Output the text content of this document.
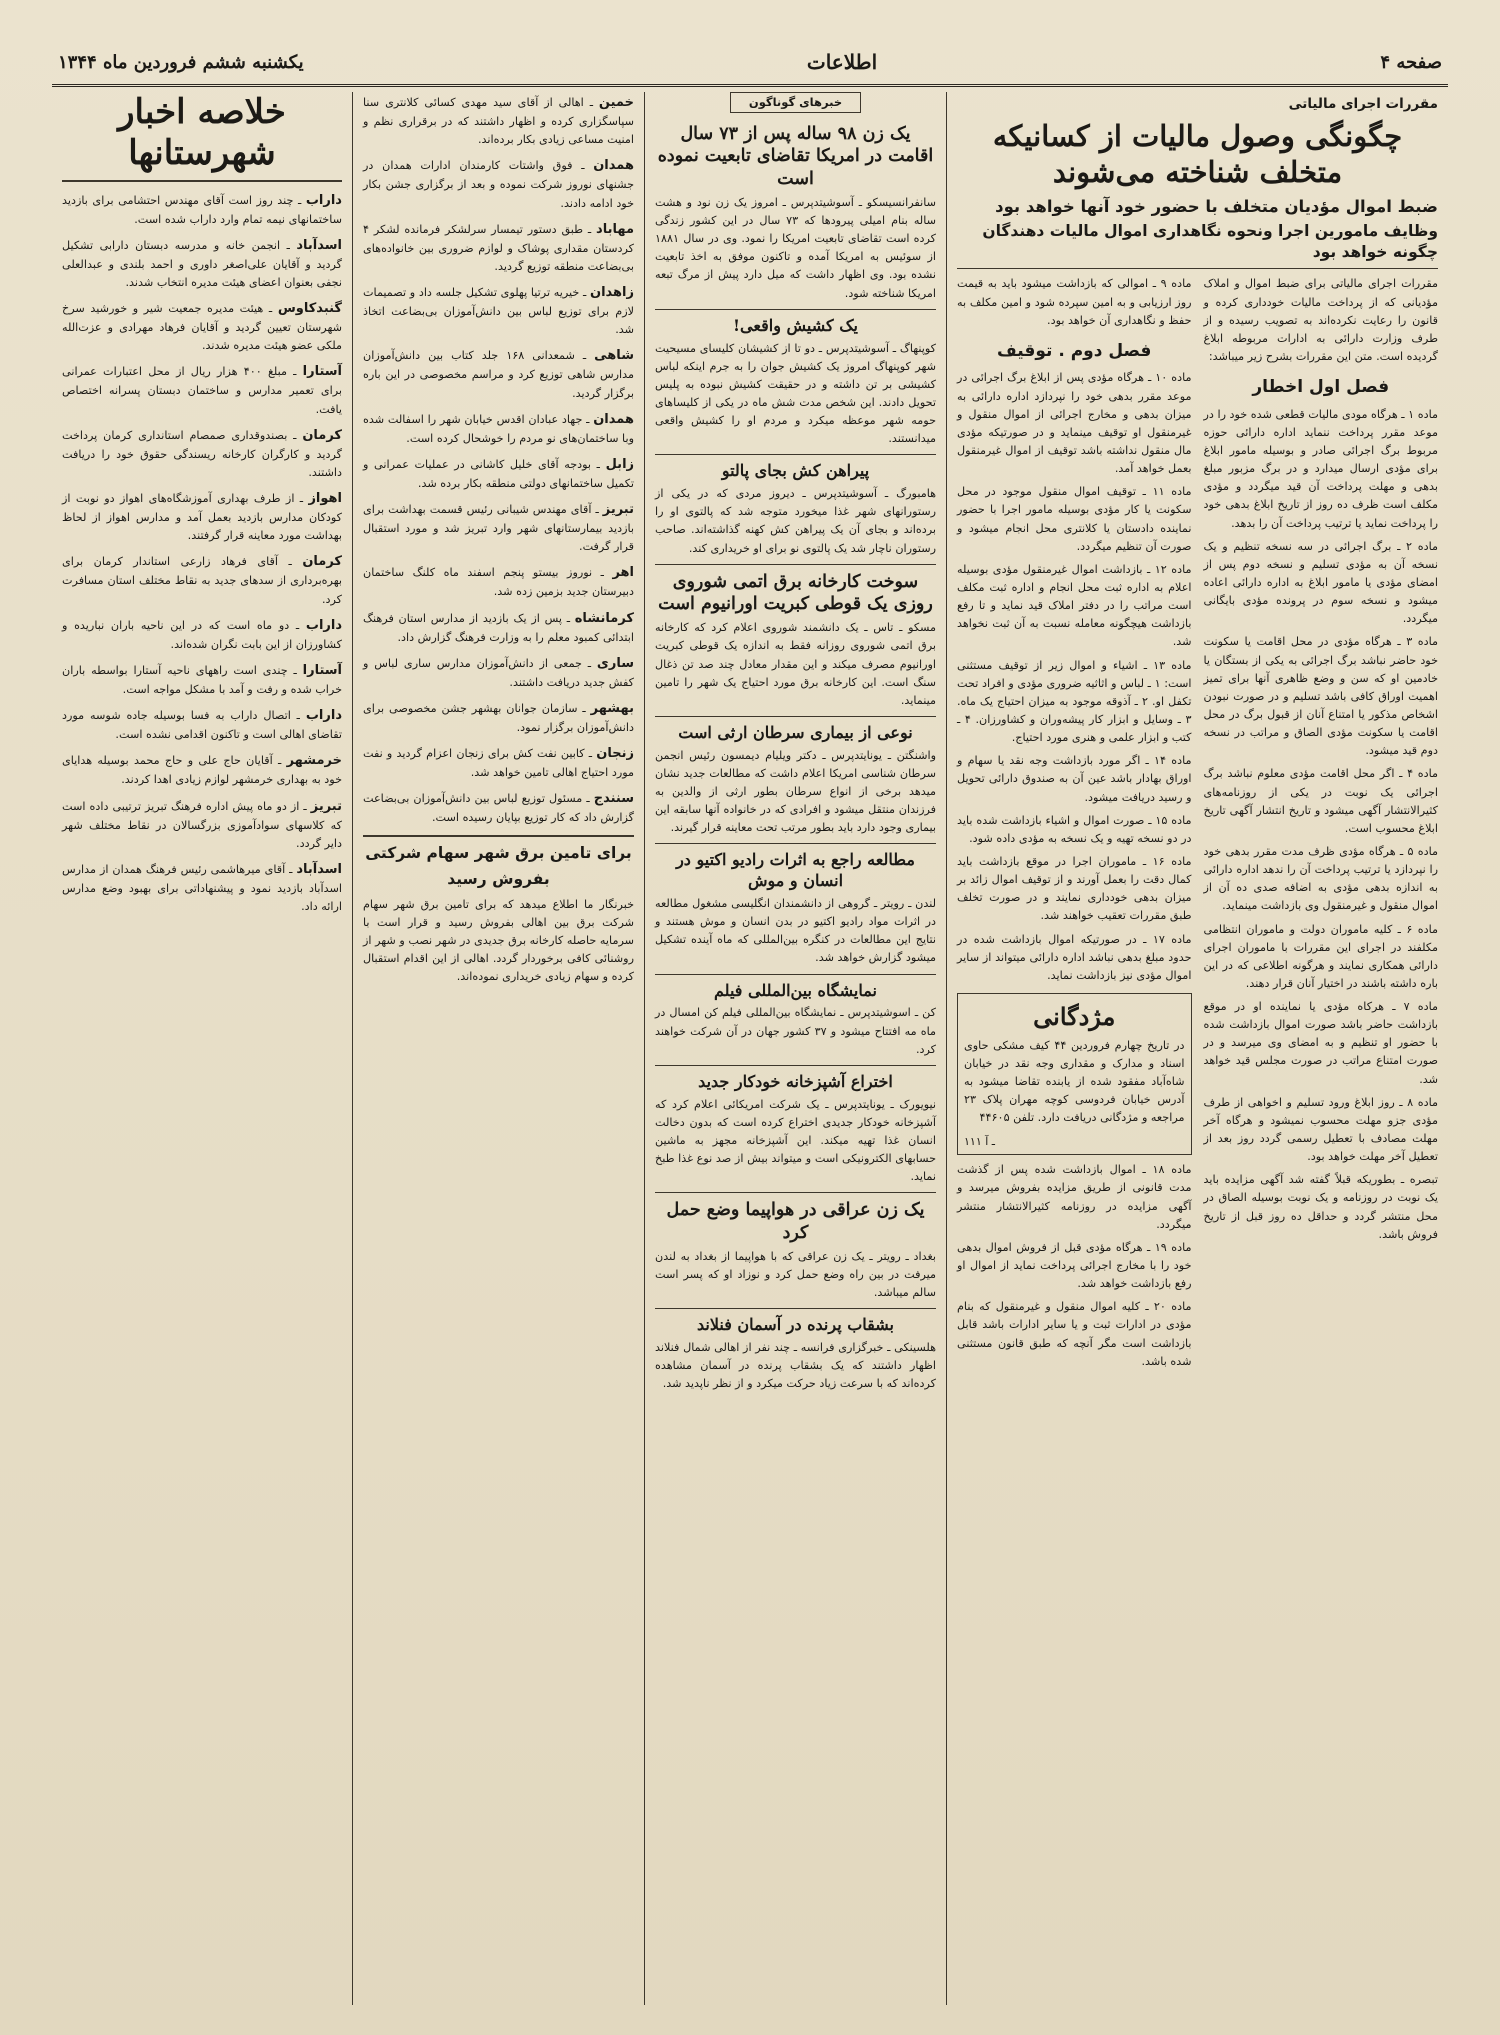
صفحه ۴
اطلاعات
یکشنبه ششم فروردین ماه ۱۳۴۴
مقررات اجرای مالیاتی
چگونگی وصول مالیات از کسانیکه متخلف شناخته می‌شوند
ضبط اموال مؤدیان متخلف با حضور خود آنها خواهد بود
وظایف مامورین اجرا ونحوه نگاهداری اموال مالیات دهندگان چگونه خواهد بود

مقررات اجرای مالیاتی برای ضبط اموال و املاک مؤدیانی که از پرداخت مالیات خودداری کرده و قانون را رعایت نکرده‌اند به تصویب رسیده و از طرف وزارت دارائی به ادارات مربوطه ابلاغ گردیده است. متن این مقررات بشرح زیر میباشد:

فصل اول اخطار

ماده ۱ ـ هرگاه مودی مالیات قطعی شده خود را در موعد مقرر پرداخت ننماید اداره دارائی حوزه مربوط برگ اجرائی صادر و بوسیله مامور ابلاغ برای مؤدی ارسال میدارد و در برگ مزبور مبلغ بدهی و مهلت پرداخت آن قید میگردد و مؤدی مکلف است ظرف ده روز از تاریخ ابلاغ بدهی خود را پرداخت نماید یا ترتیب پرداخت آن را بدهد.

ماده ۲ ـ برگ اجرائی در سه نسخه تنظیم و یک نسخه آن به مؤدی تسلیم و نسخه دوم پس از امضای مؤدی یا مامور ابلاغ به اداره دارائی اعاده میشود و نسخه سوم در پرونده مؤدی بایگانی میگردد.

ماده ۳ ـ هرگاه مؤدی در محل اقامت یا سکونت خود حاضر نباشد برگ اجرائی به یکی از بستگان یا خادمین او که سن و وضع ظاهری آنها برای تمیز اهمیت اوراق کافی باشد تسلیم و در صورت نبودن اشخاص مذکور یا امتناع آنان از قبول برگ در محل اقامت یا سکونت مؤدی الصاق و مراتب در نسخه دوم قید میشود.

ماده ۴ ـ اگر محل اقامت مؤدی معلوم نباشد برگ اجرائی یک نوبت در یکی از روزنامه‌های کثیرالانتشار آگهی میشود و تاریخ انتشار آگهی تاریخ ابلاغ محسوب است.

ماده ۵ ـ هرگاه مؤدی ظرف مدت مقرر بدهی خود را نپردازد یا ترتیب پرداخت آن را ندهد اداره دارائی به اندازه بدهی مؤدی به اضافه صدی ده آن از اموال منقول و غیرمنقول وی بازداشت مینماید.

ماده ۶ ـ کلیه ماموران دولت و ماموران انتظامی مکلفند در اجرای این مقررات با ماموران اجرای دارائی همکاری نمایند و هرگونه اطلاعی که در این باره داشته باشند در اختیار آنان قرار دهند.

ماده ۷ ـ هرکاه مؤدی یا نماینده او در موقع بازداشت حاضر باشد صورت اموال بازداشت شده با حضور او تنظیم و به امضای وی میرسد و در صورت امتناع مراتب در صورت مجلس قید خواهد شد.

ماده ۸ ـ روز ابلاغ ورود تسلیم و اخواهی از طرف مؤدی جزو مهلت محسوب نمیشود و هرگاه آخر مهلت مصادف با تعطیل رسمی گردد روز بعد از تعطیل آخر مهلت خواهد بود.

تبصره ـ بطوریکه قبلاً گفته شد آگهی مزایده باید یک نوبت در روزنامه و یک نوبت بوسیله الصاق در محل منتشر گردد و حداقل ده روز قبل از تاریخ فروش باشد.

ماده ۹ ـ اموالی که بازداشت میشود باید به قیمت روز ارزیابی و به امین سپرده شود و امین مکلف به حفظ و نگاهداری آن خواهد بود.

فصل دوم . توقیف

ماده ۱۰ ـ هرگاه مؤدی پس از ابلاغ برگ اجرائی در موعد مقرر بدهی خود را نپردازد اداره دارائی به میزان بدهی و مخارج اجرائی از اموال منقول و غیرمنقول او توقیف مینماید و در صورتیکه مؤدی مال منقول نداشته باشد توقیف از اموال غیرمنقول بعمل خواهد آمد.

ماده ۱۱ ـ توقیف اموال منقول موجود در محل سکونت یا کار مؤدی بوسیله مامور اجرا با حضور نماینده دادستان یا کلانتری محل انجام میشود و صورت آن تنظیم میگردد.

ماده ۱۲ ـ بازداشت اموال غیرمنقول مؤدی بوسیله اعلام به اداره ثبت محل انجام و اداره ثبت مکلف است مراتب را در دفتر املاک قید نماید و تا رفع بازداشت هیچگونه معامله نسبت به آن ثبت نخواهد شد.

ماده ۱۳ ـ اشیاء و اموال زیر از توقیف مستثنی است: ۱ ـ لباس و اثاثیه ضروری مؤدی و افراد تحت تکفل او. ۲ ـ آذوقه موجود به میزان احتیاج یک ماه. ۳ ـ وسایل و ابزار کار پیشه‌وران و کشاورزان. ۴ ـ کتب و ابزار علمی و هنری مورد احتیاج.

ماده ۱۴ ـ اگر مورد بازداشت وجه نقد یا سهام و اوراق بهادار باشد عین آن به صندوق دارائی تحویل و رسید دریافت میشود.

ماده ۱۵ ـ صورت اموال و اشیاء بازداشت شده باید در دو نسخه تهیه و یک نسخه به مؤدی داده شود.

ماده ۱۶ ـ ماموران اجرا در موقع بازداشت باید کمال دقت را بعمل آورند و از توقیف اموال زائد بر میزان بدهی خودداری نمایند و در صورت تخلف طبق مقررات تعقیب خواهند شد.

ماده ۱۷ ـ در صورتیکه اموال بازداشت شده در حدود مبلغ بدهی نباشد اداره دارائی میتواند از سایر اموال مؤدی نیز بازداشت نماید.

مژدگانی

در تاریخ چهارم فروردین ۴۴ کیف مشکی حاوی اسناد و مدارک و مقداری وجه نقد در خیابان شاه‌آباد مفقود شده از یابنده تقاضا میشود به آدرس خیابان فردوسی کوچه مهران پلاک ۲۳ مراجعه و مژدگانی دریافت دارد. تلفن ۴۴۶۰۵

۱۱۱ ـ آ

ماده ۱۸ ـ اموال بازداشت شده پس از گذشت مدت قانونی از طریق مزایده بفروش میرسد و آگهی مزایده در روزنامه کثیرالانتشار منتشر میگردد.

ماده ۱۹ ـ هرگاه مؤدی قبل از فروش اموال بدهی خود را با مخارج اجرائی پرداخت نماید از اموال او رفع بازداشت خواهد شد.

ماده ۲۰ ـ کلیه اموال منقول و غیرمنقول که بنام مؤدی در ادارات ثبت و یا سایر ادارات باشد قابل بازداشت است مگر آنچه که طبق قانون مستثنی شده باشد.

خبرهای گوناگون
یک زن ۹۸ ساله پس از ۷۳ سال اقامت در امریکا تقاضای تابعیت نموده است

سانفرانسیسکو ـ آسوشیتدپرس ـ امروز یک زن نود و هشت ساله بنام امیلی پیرودها که ۷۳ سال در این کشور زندگی کرده است تقاضای تابعیت امریکا را نمود. وی در سال ۱۸۸۱ از سوئیس به امریکا آمده و تاکنون موفق به اخذ تابعیت نشده بود. وی اظهار داشت که میل دارد پیش از مرگ تبعه امریکا شناخته شود.

یک کشیش واقعی!

کوپنهاگ ـ آسوشیتدپرس ـ دو تا از کشیشان کلیسای مسیحیت شهر کوپنهاگ امروز یک کشیش جوان را به جرم اینکه لباس کشیشی بر تن داشته و در حقیقت کشیش نبوده به پلیس تحویل دادند. این شخص مدت شش ماه در یکی از کلیساهای حومه شهر موعظه میکرد و مردم او را کشیش واقعی میدانستند.

پیراهن کش بجای پالتو

هامبورگ ـ آسوشیتدپرس ـ دیروز مردی که در یکی از رستورانهای شهر غذا میخورد متوجه شد که پالتوی او را برده‌اند و بجای آن یک پیراهن کش کهنه گذاشته‌اند. صاحب رستوران ناچار شد یک پالتوی نو برای او خریداری کند.

سوخت کارخانه برق اتمی شوروی روزی یک قوطی کبریت اورانیوم است

مسکو ـ تاس ـ یک دانشمند شوروی اعلام کرد که کارخانه برق اتمی شوروی روزانه فقط به اندازه یک قوطی کبریت اورانیوم مصرف میکند و این مقدار معادل چند صد تن ذغال سنگ است. این کارخانه برق مورد احتیاج یک شهر را تامین مینماید.

نوعی از بیماری سرطان ارثی است

واشنگتن ـ یونایتدپرس ـ دکتر ویلیام دیمسون رئیس انجمن سرطان شناسی امریکا اعلام داشت که مطالعات جدید نشان میدهد برخی از انواع سرطان بطور ارثی از والدین به فرزندان منتقل میشود و افرادی که در خانواده آنها سابقه این بیماری وجود دارد باید بطور مرتب تحت معاینه قرار گیرند.

مطالعه راجع به اثرات رادیو اکتیو در انسان و موش

لندن ـ رویتر ـ گروهی از دانشمندان انگلیسی مشغول مطالعه در اثرات مواد رادیو اکتیو در بدن انسان و موش هستند و نتایج این مطالعات در کنگره بین‌المللی که ماه آینده تشکیل میشود گزارش خواهد شد.

نمایشگاه بین‌المللی فیلم

کن ـ اسوشیتدپرس ـ نمایشگاه بین‌المللی فیلم کن امسال در ماه مه افتتاح میشود و ۳۷ کشور جهان در آن شرکت خواهند کرد.

اختراع آشپزخانه خودکار جدید

نیویورک ـ یونایتدپرس ـ یک شرکت امریکائی اعلام کرد که آشپزخانه خودکار جدیدی اختراع کرده است که بدون دخالت انسان غذا تهیه میکند. این آشپزخانه مجهز به ماشین حسابهای الکترونیکی است و میتواند بیش از صد نوع غذا طبخ نماید.

یک زن عراقی در هواپیما وضع حمل کرد

بغداد ـ رویتر ـ یک زن عراقی که با هواپیما از بغداد به لندن میرفت در بین راه وضع حمل کرد و نوزاد او که پسر است سالم میباشد.

بشقاب پرنده در آسمان فنلاند

هلسینکی ـ خبرگزاری فرانسه ـ چند نفر از اهالی شمال فنلاند اظهار داشتند که یک بشقاب پرنده در آسمان مشاهده کرده‌اند که با سرعت زیاد حرکت میکرد و از نظر ناپدید شد.

خمین ـ اهالی از آقای سید مهدی کسائی کلانتری سنا سپاسگزاری کرده و اظهار داشتند که در برقراری نظم و امنیت مساعی زیادی بکار برده‌اند.

همدان ـ فوق واشتات کارمندان ادارات همدان در جشنهای نوروز شرکت نموده و بعد از برگزاری جشن بکار خود ادامه دادند.

مهاباد ـ طبق دستور تیمسار سرلشکر فرمانده لشکر ۴ کردستان مقداری پوشاک و لوازم ضروری بین خانواده‌های بی‌بضاعت منطقه توزیع گردید.

زاهدان ـ خیریه ترتیا پهلوی تشکیل جلسه داد و تصمیمات لازم برای توزیع لباس بین دانش‌آموزان بی‌بضاعت اتخاذ شد.

شاهی ـ شمعدانی ۱۶۸ جلد کتاب بین دانش‌آموزان مدارس شاهی توزیع کرد و مراسم مخصوصی در این باره برگزار گردید.

همدان ـ جهاد عبادان اقدس خیابان شهر را اسفالت شده وبا ساختمان‌های نو مردم را خوشحال کرده است.

زابل ـ بودجه آقای خلیل کاشانی در عملیات عمرانی و تکمیل ساختمانهای دولتی منطقه بکار برده شد.

تبریز ـ آقای مهندس شیبانی رئیس قسمت بهداشت برای بازدید بیمارستانهای شهر وارد تبریز شد و مورد استقبال قرار گرفت.

اهر ـ نوروز بیستو پنجم اسفند ماه کلنگ ساختمان دبیرستان جدید بزمین زده شد.

کرمانشاه ـ پس از یک بازدید از مدارس استان فرهنگ ابتدائی کمبود معلم را به وزارت فرهنگ گزارش داد.

ساری ـ جمعی از دانش‌آموزان مدارس ساری لباس و کفش جدید دریافت داشتند.

بهشهر ـ سازمان جوانان بهشهر جشن مخصوصی برای دانش‌آموزان برگزار نمود.

زنجان ـ کابین نفت کش برای زنجان اعزام گردید و نفت مورد احتیاج اهالی تامین خواهد شد.

سنندج ـ مسئول توزیع لباس بین دانش‌آموزان بی‌بضاعت گزارش داد که کار توزیع بپایان رسیده است.

برای تامین برق شهر سهام شرکتی بفروش رسید

خبرنگار ما اطلاع میدهد که برای تامین برق شهر سهام شرکت برق بین اهالی بفروش رسید و قرار است با سرمایه حاصله کارخانه برق جدیدی در شهر نصب و شهر از روشنائی کافی برخوردار گردد. اهالی از این اقدام استقبال کرده و سهام زیادی خریداری نموده‌اند.

خلاصه اخبار شهرستانها

داراب ـ چند روز است آقای مهندس احتشامی برای بازدید ساختمانهای نیمه تمام وارد داراب شده است.

اسدآباد ـ انجمن خانه و مدرسه دبستان دارابی تشکیل گردید و آقایان علی‌اصغر داوری و احمد بلندی و عبدالعلی نجفی بعنوان اعضای هیئت مدیره انتخاب شدند.

گنبدکاوس ـ هیئت مدیره جمعیت شیر و خورشید سرخ شهرستان تعیین گردید و آقایان فرهاد مهرادی و عزت‌الله ملکی عضو هیئت مدیره شدند.

آستارا ـ مبلغ ۴۰۰ هزار ریال از محل اعتبارات عمرانی برای تعمیر مدارس و ساختمان دبستان پسرانه اختصاص یافت.

کرمان ـ بصندوقداری صمصام استانداری کرمان پرداخت گردید و کارگران کارخانه ریسندگی حقوق خود را دریافت داشتند.

اهواز ـ از طرف بهداری آموزشگاه‌های اهواز دو نوبت از کودکان مدارس بازدید بعمل آمد و مدارس اهواز از لحاظ بهداشت مورد معاینه قرار گرفتند.

کرمان ـ آقای فرهاد زارعی استاندار کرمان برای بهره‌برداری از سدهای جدید به نقاط مختلف استان مسافرت کرد.

داراب ـ دو ماه است که در این ناحیه باران نباریده و کشاورزان از این بابت نگران شده‌اند.

آستارا ـ چندی است راههای ناحیه آستارا بواسطه باران خراب شده و رفت و آمد با مشکل مواجه است.

داراب ـ اتصال داراب به فسا بوسیله جاده شوسه مورد تقاضای اهالی است و تاکنون اقدامی نشده است.

خرمشهر ـ آقایان حاج علی و حاج محمد بوسیله هدایای خود به بهداری خرمشهر لوازم زیادی اهدا کردند.

تبریز ـ از دو ماه پیش اداره فرهنگ تبریز ترتیبی داده است که کلاسهای سوادآموزی بزرگسالان در نقاط مختلف شهر دایر گردد.

اسدآباد ـ آقای میرهاشمی رئیس فرهنگ همدان از مدارس اسدآباد بازدید نمود و پیشنهاداتی برای بهبود وضع مدارس ارائه داد.
